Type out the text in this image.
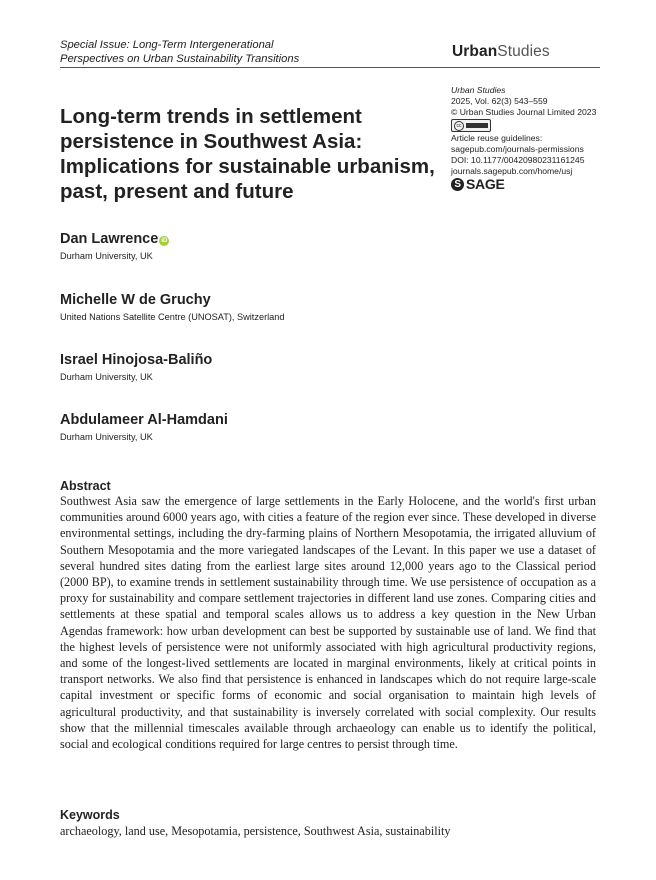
Special Issue: Long-Term Intergenerational
Perspectives on Urban Sustainability Transitions	UrbanStudies
Long-term trends in settlement persistence in Southwest Asia: Implications for sustainable urbanism, past, present and future
Urban Studies
2025, Vol. 62(3) 543–559
© Urban Studies Journal Limited 2023
cc
Article reuse guidelines:
sagepub.com/journals-permissions
DOI: 10.1177/00420980231161245
journals.sagepub.com/home/usj
S SAGE
Dan Lawrence iD
Durham University, UK
Michelle W de Gruchy
United Nations Satellite Centre (UNOSAT), Switzerland
Israel Hinojosa-Baliño
Durham University, UK
Abdulameer Al-Hamdani
Durham University, UK
Abstract

Southwest Asia saw the emergence of large settlements in the Early Holocene, and the world's first urban communities around 6000 years ago, with cities a feature of the region ever since. These developed in diverse environmental settings, including the dry-farming plains of Northern Mesopotamia, the irrigated alluvium of Southern Mesopotamia and the more variegated landscapes of the Levant. In this paper we use a dataset of several hundred sites dating from the earliest large sites around 12,000 years ago to the Classical period (2000 BP), to examine trends in settlement sustainability through time. We use persistence of occupation as a proxy for sustainability and compare settlement trajectories in different land use zones. Comparing cities and settlements at these spatial and temporal scales allows us to address a key question in the New Urban Agendas framework: how urban development can best be supported by sustainable use of land. We find that the highest levels of persistence were not uniformly associated with high agricultural productivity regions, and some of the longest-lived settlements are located in marginal environments, likely at critical points in transport networks. We also find that persistence is enhanced in landscapes which do not require large-scale capital investment or specific forms of economic and social organisation to maintain high levels of agricultural productivity, and that sustainability is inversely correlated with social complexity. Our results show that the millennial timescales available through archaeology can enable us to identify the political, social and ecological conditions required for large centres to persist through time.

Keywords
archaeology, land use, Mesopotamia, persistence, Southwest Asia, sustainability
